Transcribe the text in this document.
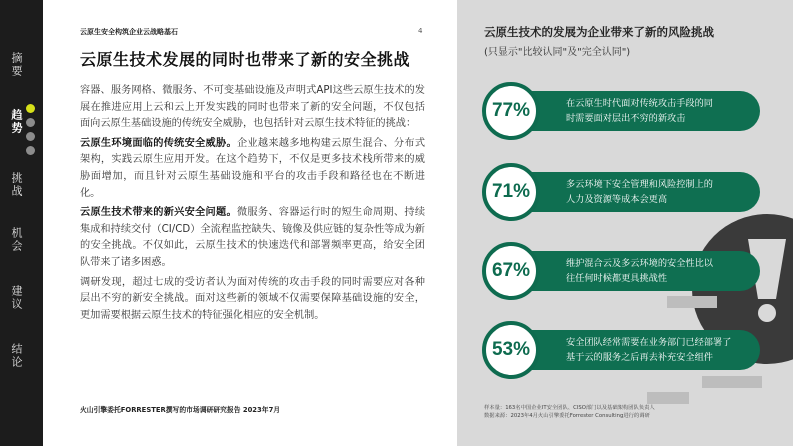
摘要
趋势
挑战
机会
建议
结论
云原生安全构筑企业云战略基石	4
云原生技术发展的同时也带来了新的安全挑战

容器、服务网格、微服务、不可变基础设施及声明式API这些云原生技术的发展在推进应用上云和云上开发实践的同时也带来了新的安全问题，不仅包括面向云原生基础设施的传统安全威胁，也包括针对云原生技术特征的挑战：

云原生环境面临的传统安全威胁。企业越来越多地构建云原生混合、分布式架构，实践云原生应用开发。在这个趋势下，不仅是更多技术栈所带来的威胁面增加，而且针对云原生基础设施和平台的攻击手段和路径也在不断进化。

云原生技术带来的新兴安全问题。微服务、容器运行时的短生命周期、持续集成和持续交付（CI/CD）全流程监控缺失、镜像及供应链的复杂性等成为新的安全挑战。不仅如此，云原生技术的快速迭代和部署频率更高，给安全团队带来了诸多困惑。

调研发现，超过七成的受访者认为面对传统的攻击手段的同时需要应对各种层出不穷的新安全挑战。面对这些新的领域不仅需要保障基础设施的安全，更加需要根据云原生技术的特征强化相应的安全机制。

火山引擎委托FORRESTER撰写的市场调研研究报告 2023年7月
云原生技术的发展为企业带来了新的风险挑战
(只显示"比较认同"及"完全认同")
在云原生时代面对传统攻击手段的同
时需要面对层出不穷的新攻击
77%
多云环境下安全管理和风险控制上的
人力及资源等成本会更高
71%
维护混合云及多云环境的安全性比以
往任何时候都更具挑战性
67%
安全团队经常需要在业务部门已经部署了
基于云的服务之后再去补充安全组件
53%
样本量：163名中国企业IT安全团队、CISO部门以及基础架构团队负责人
数据来源：2023年4月火山引擎委托Forrester Consulting进行的调研
